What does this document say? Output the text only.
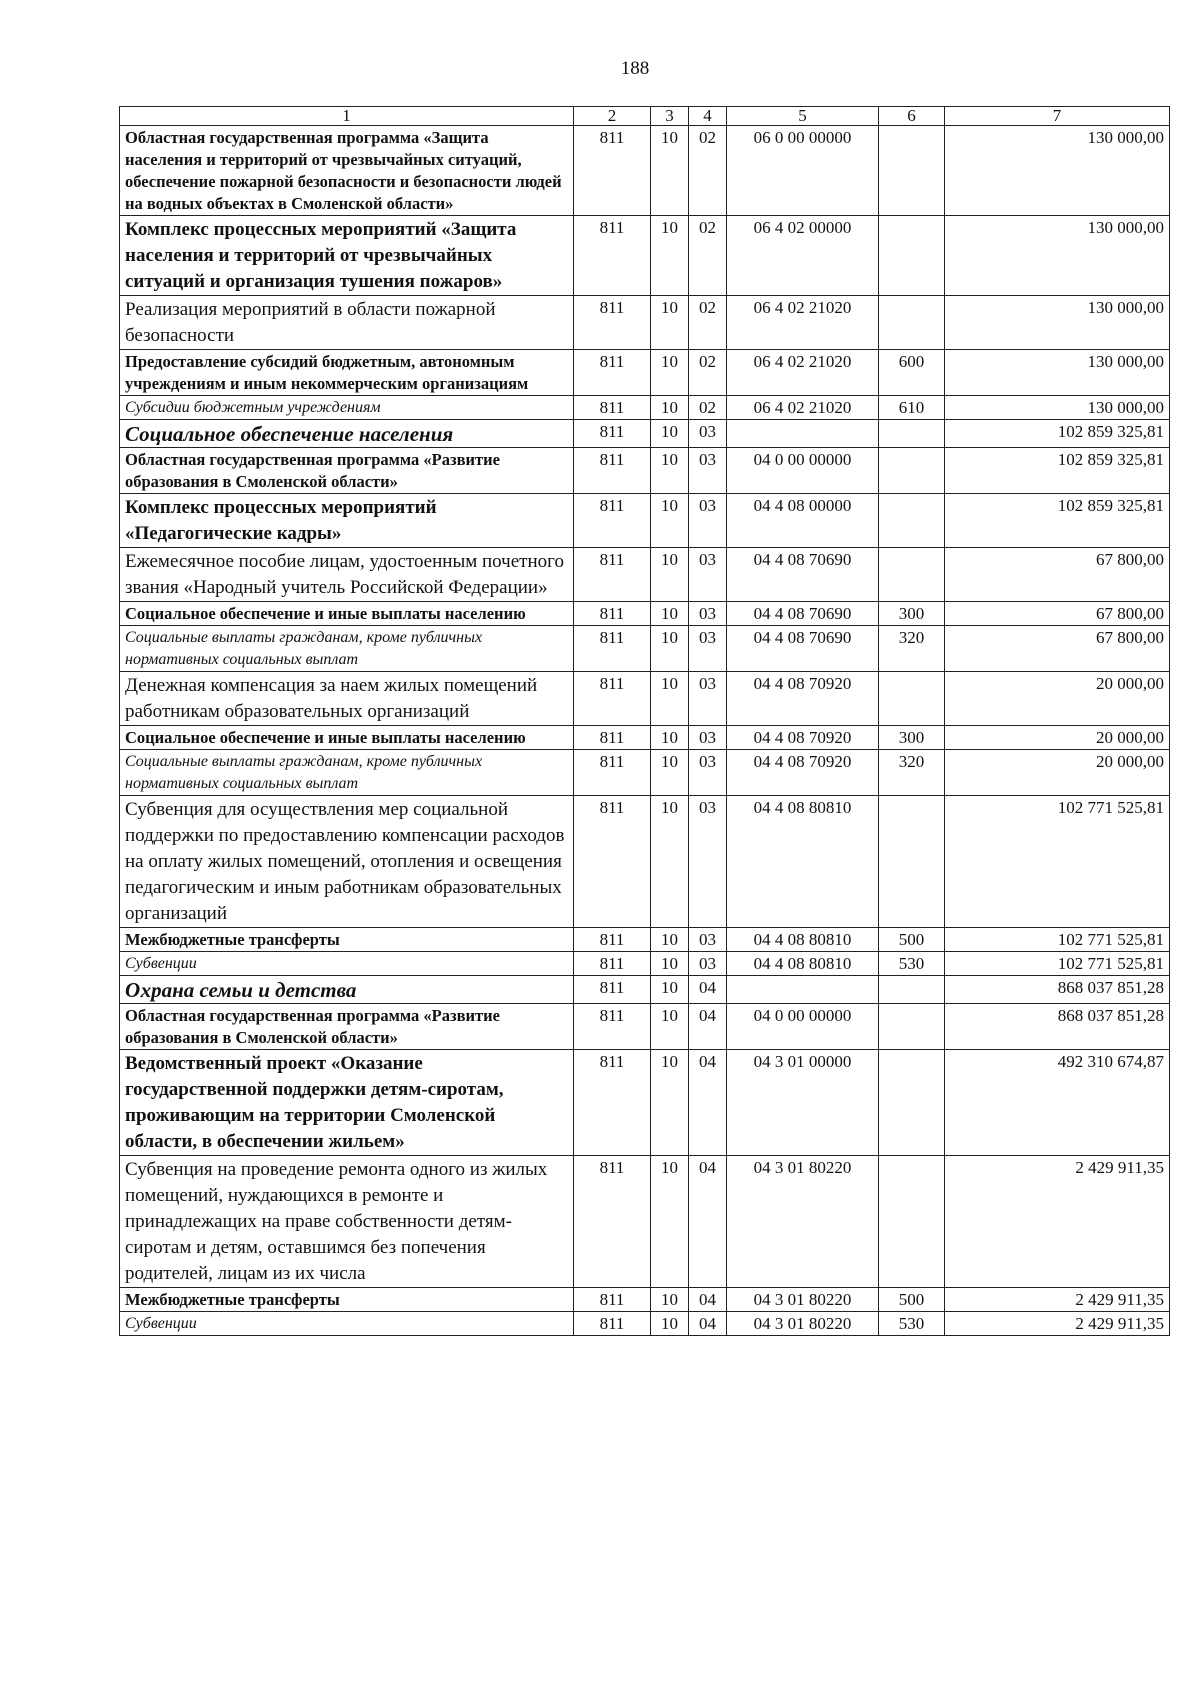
188
1	2	3	4	5	6	7
Областная государственная программа «Защита населения и территорий от чрезвычайных ситуаций, обеспечение пожарной безопасности и безопасности людей на водных объектах в Смоленской области»	811	10	02	06 0 00 00000		130 000,00
Комплекс процессных мероприятий «Защита населения и территорий от чрезвычайных ситуаций и организация тушения пожаров»	811	10	02	06 4 02 00000		130 000,00
Реализация мероприятий в области пожарной безопасности	811	10	02	06 4 02 21020		130 000,00
Предоставление субсидий бюджетным, автономным учреждениям и иным некоммерческим организациям	811	10	02	06 4 02 21020	600	130 000,00
Субсидии бюджетным учреждениям	811	10	02	06 4 02 21020	610	130 000,00
Социальное обеспечение населения	811	10	03			102 859 325,81
Областная государственная программа «Развитие образования в Смоленской области»	811	10	03	04 0 00 00000		102 859 325,81
Комплекс процессных мероприятий «Педагогические кадры»	811	10	03	04 4 08 00000		102 859 325,81
Ежемесячное пособие лицам, удостоенным почетного звания «Народный учитель Российской Федерации»	811	10	03	04 4 08 70690		67 800,00
Социальное обеспечение и иные выплаты населению	811	10	03	04 4 08 70690	300	67 800,00
Социальные выплаты гражданам, кроме публичных нормативных социальных выплат	811	10	03	04 4 08 70690	320	67 800,00
Денежная компенсация за наем жилых помещений работникам образовательных организаций	811	10	03	04 4 08 70920		20 000,00
Социальное обеспечение и иные выплаты населению	811	10	03	04 4 08 70920	300	20 000,00
Социальные выплаты гражданам, кроме публичных нормативных социальных выплат	811	10	03	04 4 08 70920	320	20 000,00
Субвенция для осуществления мер социальной поддержки по предоставлению компенсации расходов на оплату жилых помещений, отопления и освещения педагогическим и иным работникам образовательных организаций	811	10	03	04 4 08 80810		102 771 525,81
Межбюджетные трансферты	811	10	03	04 4 08 80810	500	102 771 525,81
Субвенции	811	10	03	04 4 08 80810	530	102 771 525,81
Охрана семьи и детства	811	10	04			868 037 851,28
Областная государственная программа «Развитие образования в Смоленской области»	811	10	04	04 0 00 00000		868 037 851,28
Ведомственный проект «Оказание государственной поддержки детям-сиротам, проживающим на территории Смоленской области, в обеспечении жильем»	811	10	04	04 3 01 00000		492 310 674,87
Субвенция на проведение ремонта одного из жилых помещений, нуждающихся в ремонте и принадлежащих на праве собственности детям-сиротам и детям, оставшимся без попечения родителей, лицам из их числа	811	10	04	04 3 01 80220		2 429 911,35
Межбюджетные трансферты	811	10	04	04 3 01 80220	500	2 429 911,35
Субвенции	811	10	04	04 3 01 80220	530	2 429 911,35
